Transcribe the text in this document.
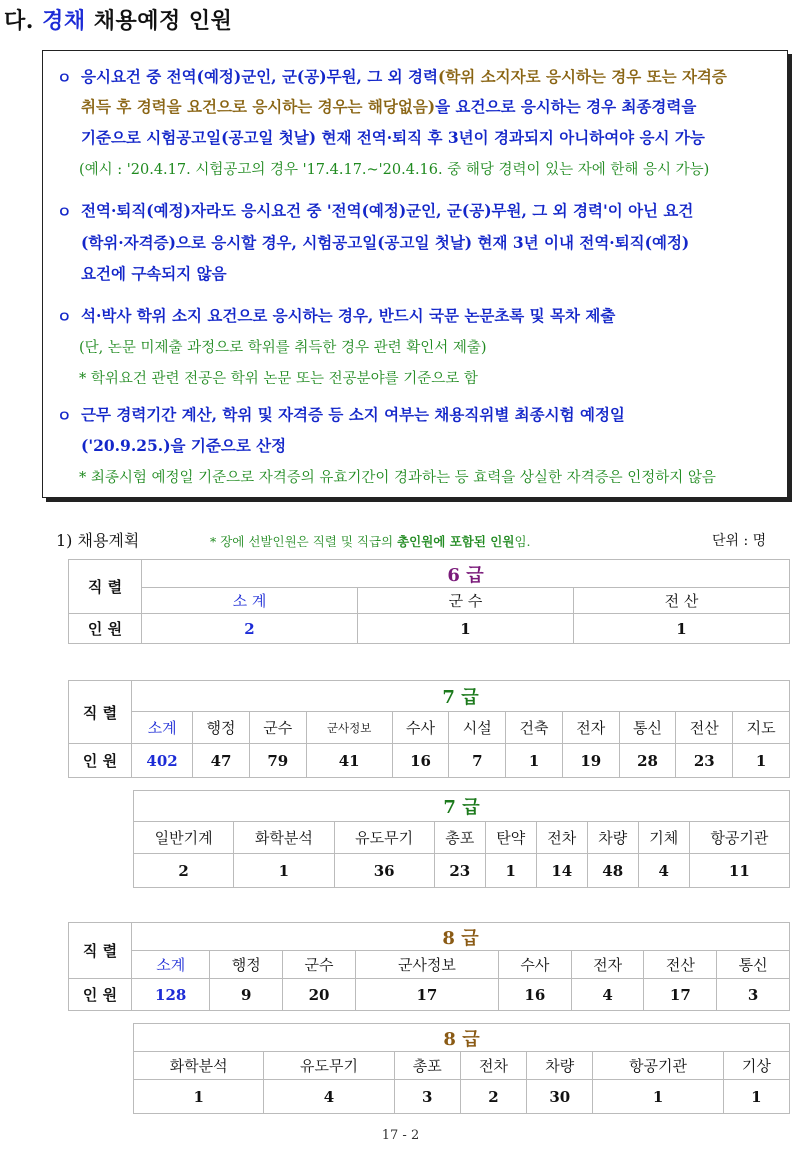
다. 경채 채용예정 인원
ㅇ 응시요건 중 전역(예정)군인, 군(공)무원, 그 외 경력(학위 소지자로 응시하는 경우 또는 자격증
취득 후 경력을 요건으로 응시하는 경우는 해당없음)을 요건으로 응시하는 경우 최종경력을
기준으로 시험공고일(공고일 첫날) 현재 전역·퇴직 후 3년이 경과되지 아니하여야 응시 가능
(예시 : '20.4.17. 시험공고의 경우 '17.4.17.~'20.4.16. 중 해당 경력이 있는 자에 한해 응시 가능)
ㅇ 전역·퇴직(예정)자라도 응시요건 중 '전역(예정)군인, 군(공)무원, 그 외 경력'이 아닌 요건
(학위·자격증)으로 응시할 경우, 시험공고일(공고일 첫날) 현재 3년 이내 전역·퇴직(예정)
요건에 구속되지 않음
ㅇ 석·박사 학위 소지 요건으로 응시하는 경우, 반드시 국문 논문초록 및 목차 제출
(단, 논문 미제출 과정으로 학위를 취득한 경우 관련 확인서 제출)
* 학위요건 관련 전공은 학위 논문 또는 전공분야를 기준으로 함
ㅇ 근무 경력기간 계산, 학위 및 자격증 등 소지 여부는 채용직위별 최종시험 예정일
('20.9.25.)을 기준으로 산정
* 최종시험 예정일 기준으로 자격증의 유효기간이 경과하는 등 효력을 상실한 자격증은 인정하지 않음
1) 채용계획	* 장에 선발인원은 직렬 및 직급의 총인원에 포함된 인원임.	단위 : 명
직 렬	6 급		
	소 계	군 수	전 산
인 원	2	1	1
직 렬	7 급										
	소계	행정	군수	군사정보	수사	시설	건축	전자	통신	전산	지도
인 원	402	47	79	41	16	7	1	19	28	23	1
7 급								
일반기계	화학분석	유도무기	총포	탄약	전차	차량	기체	항공기관
2	1	36	23	1	14	48	4	11
직 렬	8 급							
	소계	행정	군수	군사정보	수사	전자	전산	통신
인 원	128	9	20	17	16	4	17	3
8 급						
화학분석	유도무기	총포	전차	차량	항공기관	기상
1	4	3	2	30	1	1
17 - 2
